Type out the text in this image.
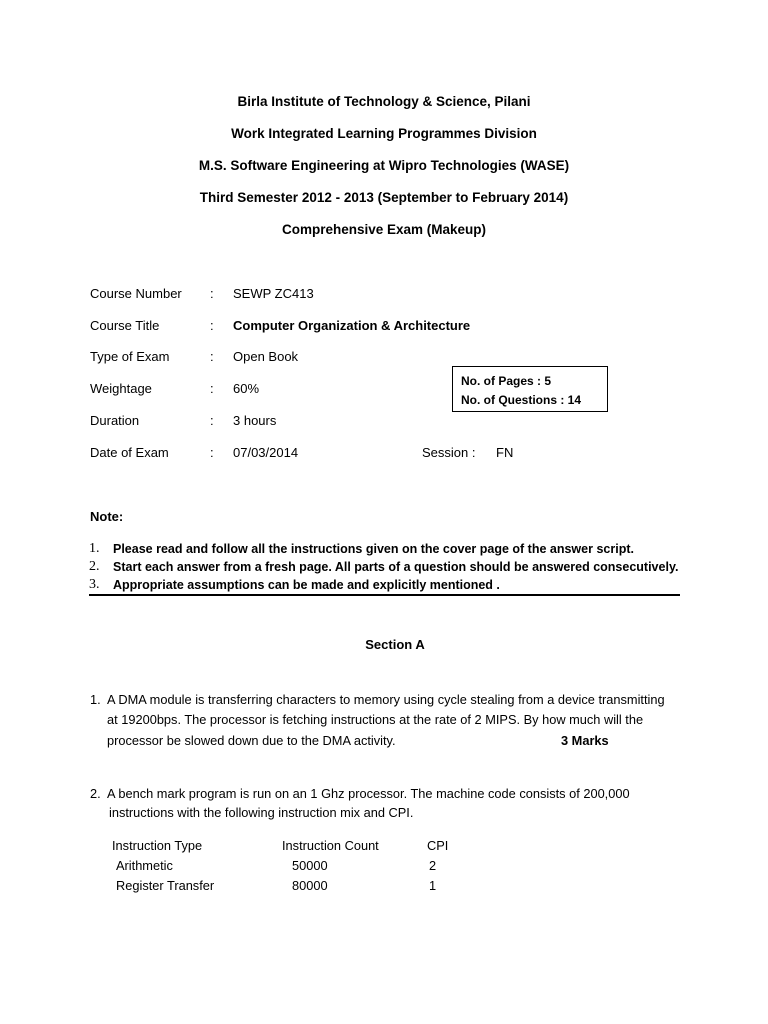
Birla Institute of Technology & Science, Pilani
Work Integrated Learning Programmes Division
M.S. Software Engineering at Wipro Technologies (WASE)
Third Semester 2012 - 2013 (September to February 2014)
Comprehensive Exam (Makeup)
Course Number : SEWP ZC413
Course Title	: Computer Organization & Architecture
Type of Exam	: Open Book
Weightage	: 60%
Duration	: 3 hours
Date of Exam	: 07/03/2014	Session : FN
No. of Pages : 5
No. of Questions : 14
Note:
1.	Please read and follow all the instructions given on the cover page of the answer script.
2.	Start each answer from a fresh page. All parts of a question should be answered consecutively.
3.	Appropriate assumptions can be made and explicitly mentioned .
Section A
1. A DMA module is transferring characters to memory using cycle stealing from a device transmitting
at 19200bps. The processor is fetching instructions at the rate of 2 MIPS. By how much will the
processor be slowed down due to the DMA activity.	3 Marks
2. A bench mark program is run on an 1 Ghz processor. The machine code consists of 200,000
instructions with the following instruction mix and CPI.
Instruction Type	Instruction Count	CPI
Arithmetic	50000	2
Register Transfer	80000	1
